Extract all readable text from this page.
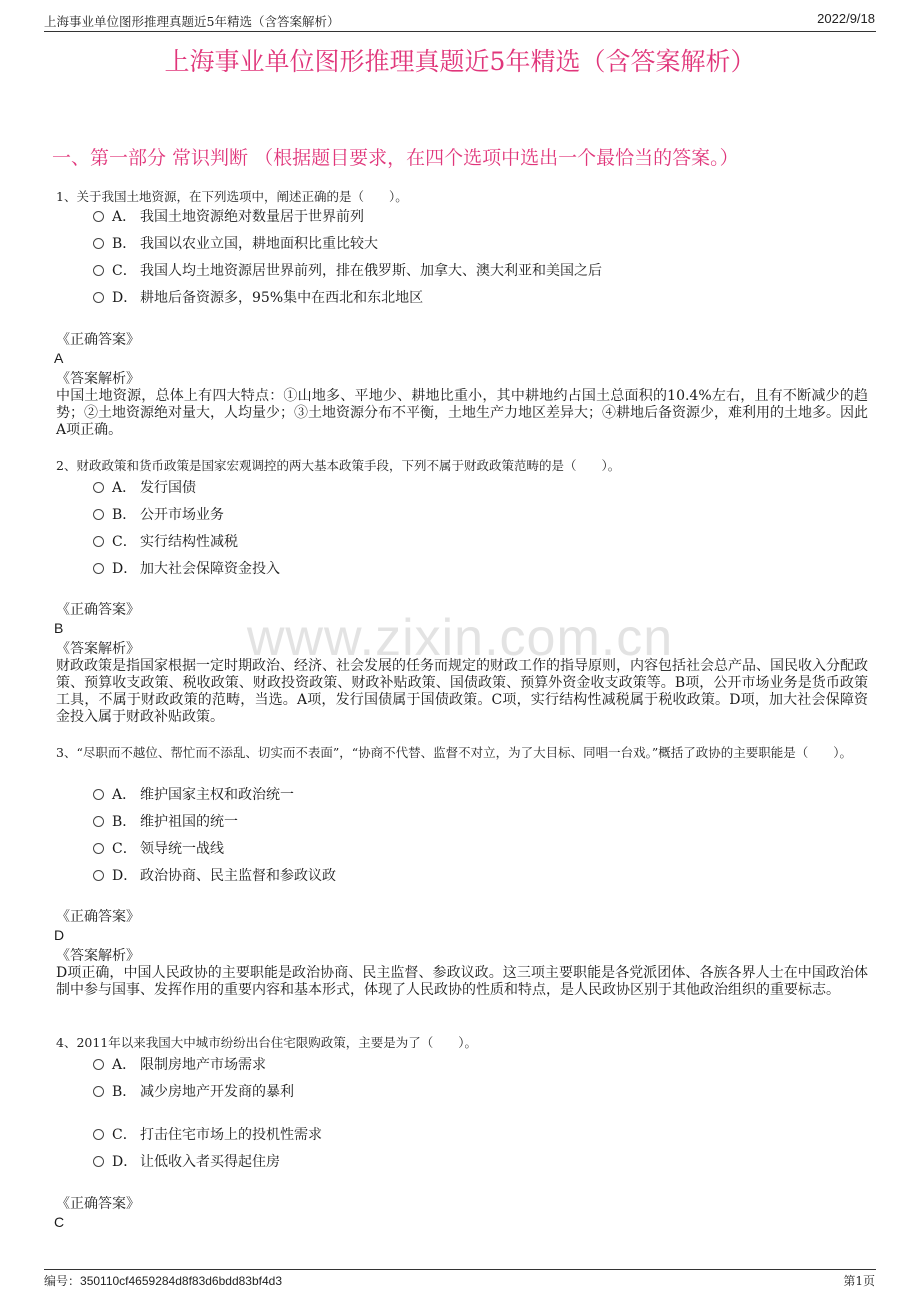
上海事业单位图形推理真题近5年精选（含答案解析）	2022/9/18
上海事业单位图形推理真题近5年精选（含答案解析）
一、第一部分 常识判断 （根据题目要求，在四个选项中选出一个最恰当的答案。）
www.zixin.com.cn
1、关于我国土地资源，在下列选项中，阐述正确的是（　　）。
A． 我国土地资源绝对数量居于世界前列
B． 我国以农业立国，耕地面积比重比较大
C． 我国人均土地资源居世界前列，排在俄罗斯、加拿大、澳大利亚和美国之后
D． 耕地后备资源多，95%集中在西北和东北地区
《正确答案》
A
《答案解析》
中国土地资源，总体上有四大特点：①山地多、平地少、耕地比重小，其中耕地约占国土总面积的10.4%左右，且有不断减少的趋势；②土地资源绝对量大，人均量少；③土地资源分布不平衡，土地生产力地区差异大；④耕地后备资源少，难利用的土地多。因此A项正确。
2、财政政策和货币政策是国家宏观调控的两大基本政策手段，下列不属于财政政策范畴的是（　　）。
A． 发行国债
B． 公开市场业务
C． 实行结构性减税
D． 加大社会保障资金投入
《正确答案》
B
《答案解析》
财政政策是指国家根据一定时期政治、经济、社会发展的任务而规定的财政工作的指导原则，内容包括社会总产品、国民收入分配政策、预算收支政策、税收政策、财政投资政策、财政补贴政策、国债政策、预算外资金收支政策等。B项，公开市场业务是货币政策工具，不属于财政政策的范畴，当选。A项，发行国债属于国债政策。C项，实行结构性减税属于税收政策。D项，加大社会保障资金投入属于财政补贴政策。
3、“尽职而不越位、帮忙而不添乱、切实而不表面”，“协商不代替、监督不对立，为了大目标、同唱一台戏。”概括了政协的主要职能是（　　）。
A． 维护国家主权和政治统一
B． 维护祖国的统一
C． 领导统一战线
D． 政治协商、民主监督和参政议政
《正确答案》
D
《答案解析》
D项正确，中国人民政协的主要职能是政治协商、民主监督、参政议政。这三项主要职能是各党派团体、各族各界人士在中国政治体制中参与国事、发挥作用的重要内容和基本形式，体现了人民政协的性质和特点，是人民政协区别于其他政治组织的重要标志。
4、2011年以来我国大中城市纷纷出台住宅限购政策，主要是为了（　　）。
A． 限制房地产市场需求
B． 减少房地产开发商的暴利
C． 打击住宅市场上的投机性需求
D． 让低收入者买得起住房
《正确答案》
C
编号：350110cf4659284d8f83d6bdd83bf4d3	第1页
